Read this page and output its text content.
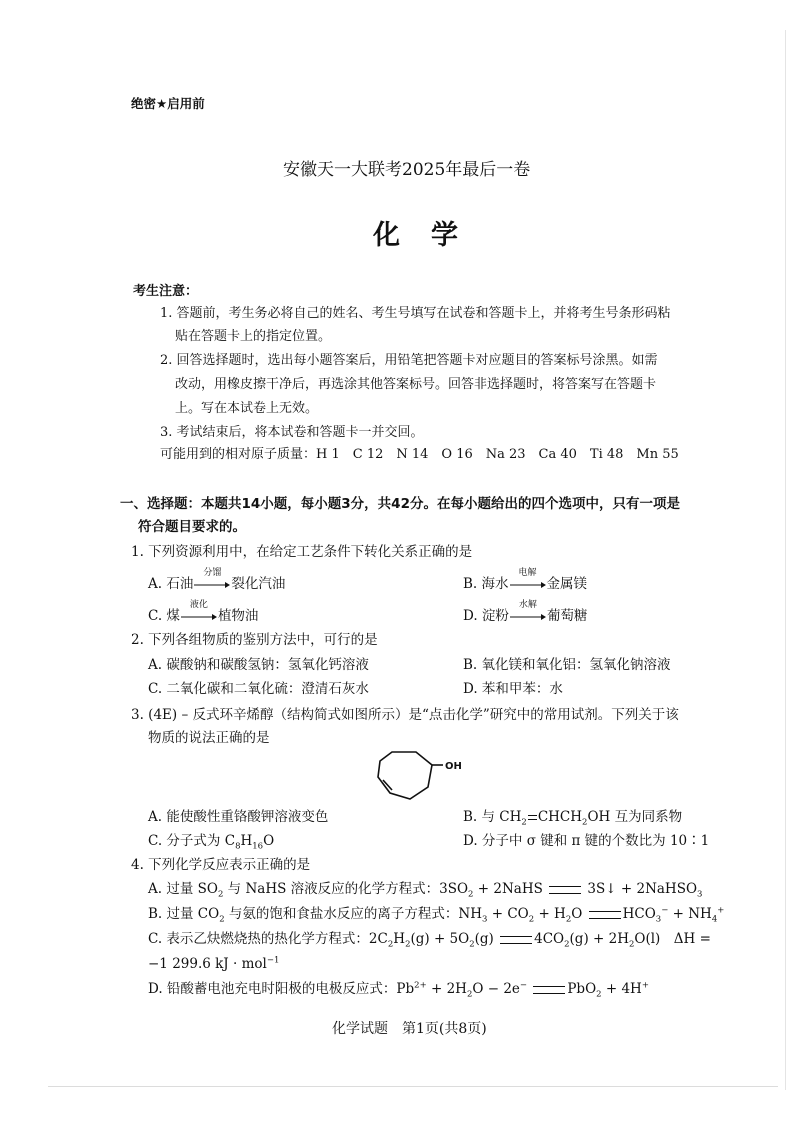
绝密★启用前
安徽天一大联考2025年最后一卷
化　学
考生注意：
1. 答题前，考生务必将自己的姓名、考生号填写在试卷和答题卡上，并将考生号条形码粘
贴在答题卡上的指定位置。
2. 回答选择题时，选出每小题答案后，用铅笔把答题卡对应题目的答案标号涂黑。如需
改动，用橡皮擦干净后，再选涂其他答案标号。回答非选择题时，将答案写在答题卡
上。写在本试卷上无效。
3. 考试结束后，将本试卷和答题卡一并交回。
可能用到的相对原子质量：H 1　C 12　N 14　O 16　Na 23　Ca 40　Ti 48　Mn 55
一、选择题：本题共14小题，每小题3分，共42分。在每小题给出的四个选项中，只有一项是
符合题目要求的。
1. 下列资源利用中，在给定工艺条件下转化关系正确的是
A. 石油
分馏
裂化汽油	B. 海水
电解
金属镁
C. 煤
液化
植物油	D. 淀粉
水解
葡萄糖
2. 下列各组物质的鉴别方法中，可行的是
A. 碳酸钠和碳酸氢钠：氢氧化钙溶液	B. 氧化镁和氧化铝：氢氧化钠溶液
C. 二氧化碳和二氧化硫：澄清石灰水	D. 苯和甲苯：水
3. (4E) – 反式环辛烯醇（结构简式如图所示）是“点击化学”研究中的常用试剂。下列关于该
物质的说法正确的是
OH
A. 能使酸性重铬酸钾溶液变色	B. 与 $CH_2$ $CHCH_2OH$ 互为同系物
C. 分子式为 $C_8H_{16}O$	D. 分子中 σ 键和 π 键的个数比为 10∶1
4. 下列化学反应表示正确的是
A. 过量 $SO_2$ 与 NaHS 溶液反应的化学方程式：$3SO_2$ + 2NaHS	3S↓ + 2NaHSO$_3$
B. 过量 $CO_2$ 与氨的饱和食盐水反应的离子方程式：$NH_3 + CO_2 + H_2O$	$HCO_3^- + NH_4^+$
C. 表示乙炔燃烧热的热化学方程式：$2C_2H_2(g) + 5O_2(g)$	$4CO_2(g) + 2H_2O(l)$　ΔH =
−1 299.6 kJ · mol$^{-1}$
D. 铅酸蓄电池充电时阳极的电极反应式：$Pb^{2+} + 2H_2O - 2e^-$	PbO$_2$ + 4H+
化学试题　第1页(共8页)
